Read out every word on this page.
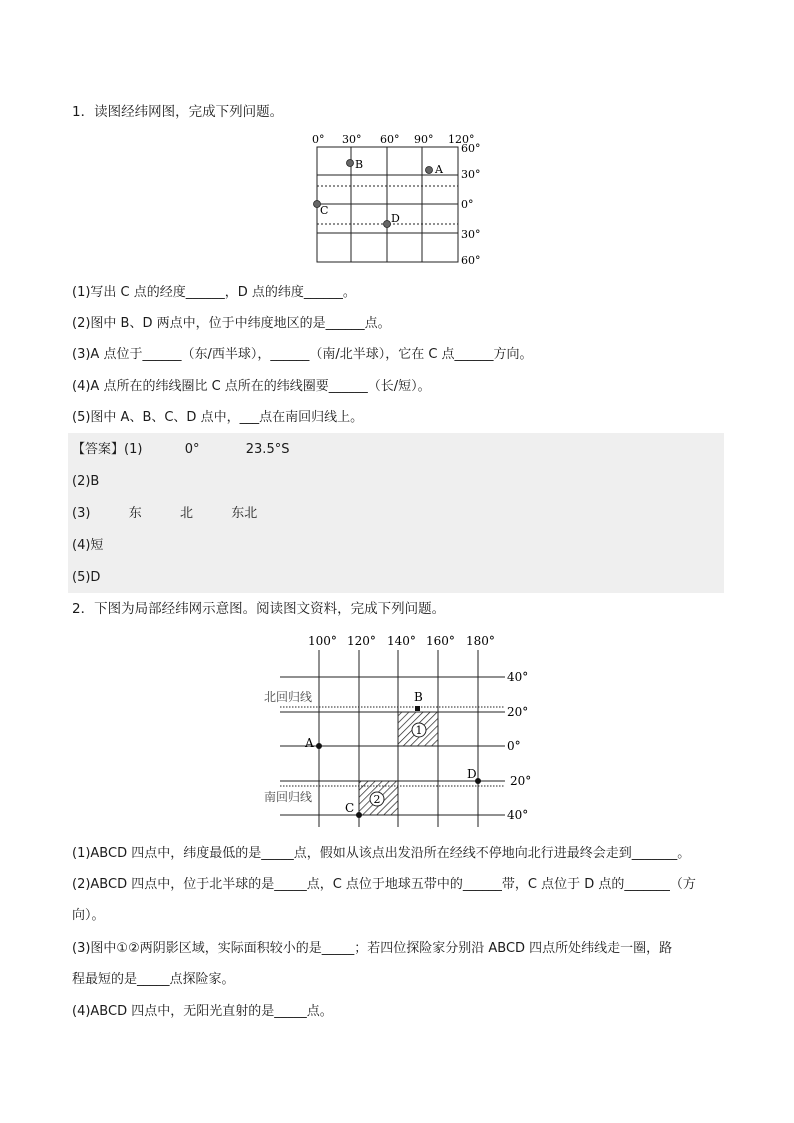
1．读图经纬网图，完成下列问题。
0° 30° 60° 90° 120°
60°
30°
0°
30°
60°
B	A
C
D
(1)写出 C 点的经度______，D 点的纬度______。
(2)图中 B、D 两点中，位于中纬度地区的是______点。
(3)A 点位于______（东/西半球），______（南/北半球），它在 C 点______方向。
(4)A 点所在的纬线圈比 C 点所在的纬线圈要______（长/短）。
(5)图中 A、B、C、D 点中，___点在南回归线上。
【答案】(1)	0°	23.5°S
(2)B
(3)	东	北	东北
(4)短
(5)D
2．下图为局部经纬网示意图。阅读图文资料，完成下列问题。
100° 120° 140° 160° 180°
40°
20°
0°
20°
40°
北回归线
南回归线
1
2
B
A
D
C
(1)ABCD 四点中，纬度最低的是_____点，假如从该点出发沿所在经线不停地向北行进最终会走到_______。
(2)ABCD 四点中，位于北半球的是_____点，C 点位于地球五带中的______带，C 点位于 D 点的_______（方
向）。
(3)图中①②两阴影区域，实际面积较小的是_____；若四位探险家分别沿 ABCD 四点所处纬线走一圈，路
程最短的是_____点探险家。
(4)ABCD 四点中，无阳光直射的是_____点。
